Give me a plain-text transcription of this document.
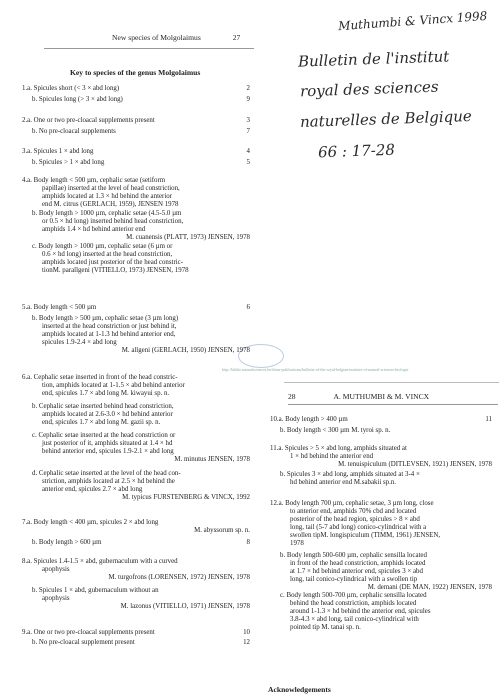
Muthumbi & Vincx 1998
Bulletin de l'institut
royal des sciences
naturelles de Belgique
66 : 17-28
New species of Molgolaimus	27
Key to species of the genus Molgolaimus
http://biblio.naturalsciences.be/rbins-publications/bulletin-of-the-royal-belgian-institute-of-natural-sciences-biologie
28	A. MUTHUMBI & M. VINCX
1.a. Spicules short (< 3 × abd long)	2
b. Spicules long (> 3 × abd long)	9
2.a. One or two pre-cloacal supplements present	3
b. No pre-cloacal supplements	7
3.a. Spicules 1 × abd long	4
b. Spicules > 1 × abd long	5
4.a. Body length < 500 µm, cephalic setae (setiform
papillae) inserted at the level of head constriction,
amphids located at 1.3 × hd behind the anterior
end M. citrus (GERLACH, 1959), JENSEN 1978
b. Body length > 1000 µm, cephalic setae (4.5-5.0 µm
or 0.5 × hd long) inserted behind head constriction,
amphids 1.4 × hd behind anterior end
M. cuanensis (PLATT, 1973) JENSEN, 1978
c. Body length > 1000 µm, cephalic setae (6 µm or
0.6 × hd long) inserted at the head constriction,
amphids located just posterior of the head constric-
tionM. parallgeni (VITIELLO, 1973) JENSEN, 1978
5.a. Body length < 500 µm	6
b. Body length > 500 µm, cephalic setae (3 µm long)
inserted at the head constriction or just behind it,
amphids located at 1-1.3 hd behind anterior end,
spicules 1.9-2.4 × abd long
M. allgeni (GERLACH, 1950) JENSEN, 1978
6.a. Cephalic setae inserted in front of the head constric-
tion, amphids located at 1-1.5 × abd behind anterior
end, spicules 1.7 × abd long M. kiwayui sp. n.
b. Cephalic setae inserted behind head constriction,
amphids located at 2.6-3.0 × hd behind anterior
end, spicules 1.7 × abd long M. gazii sp. n.
c. Cephalic setae inserted at the head constriction or
just posterior of it, amphids situated at 1.4 × hd
behind anterior end, spicules 1.9-2.1 × abd long
M. minutus JENSEN, 1978
d. Cephalic setae inserted at the level of the head con-
striction, amphids located at 2.5 × hd behind the
anterior end, spicules 2.7 × abd long
M. typicus FURSTENBERG & VINCX, 1992
7.a. Body length < 400 µm, spicules 2 × abd long
M. abyssorum sp. n.
b. Body length > 600 µm	8
8.a. Spicules 1.4-1.5 × abd, gubernaculum with a curved
apophysis
M. turgofrons (LORENSEN, 1972) JENSEN, 1978
b. Spicules 1 × abd, gubernaculum without an
apophysis
M. lazonus (VITIELLO, 1971) JENSEN, 1978
9.a. One or two pre-cloacal supplements present	10
b. No pre-cloacal supplement present	12
10.a. Body length > 400 µm	11
b. Body length < 300 µm M. tyroi sp. n.
11.a. Spicules > 5 × abd long, amphids situated at
1 × hd behind the anterior end
M. tenuispiculum (DITLEVSEN, 1921) JENSEN, 1978
b. Spicules 3 × abd long, amphids situated at 3-4 ×
hd behind anterior end M.sabakii sp.n.
12.a. Body length 700 µm, cephalic setae, 3 µm long, close
to anterior end, amphids 70% cbd and located
posterior of the head region, spicules > 8 × abd
long, tail (5-7 abd long) conico-cylindrical with a
swollen tipM. longispiculum (TIMM, 1961) JENSEN,
1978
b. Body length 500-600 µm, cephalic sensilla located
in front of the head constriction, amphids located
at 1.7 × hd behind anterior end, spicules 3 × abd
long, tail conico-cylindrical with a swollen tip
M. demani (DE MAN, 1922) JENSEN, 1978
c. Body length 500-700 µm, cephalic sensilla located
behind the head constriction, amphids located
around 1-1.3 × hd behind the anterior end, spicules
3.8-4.3 × abd long, tail conico-cylindrical with
pointed tip M. tanai sp. n.
Acknowledgements
